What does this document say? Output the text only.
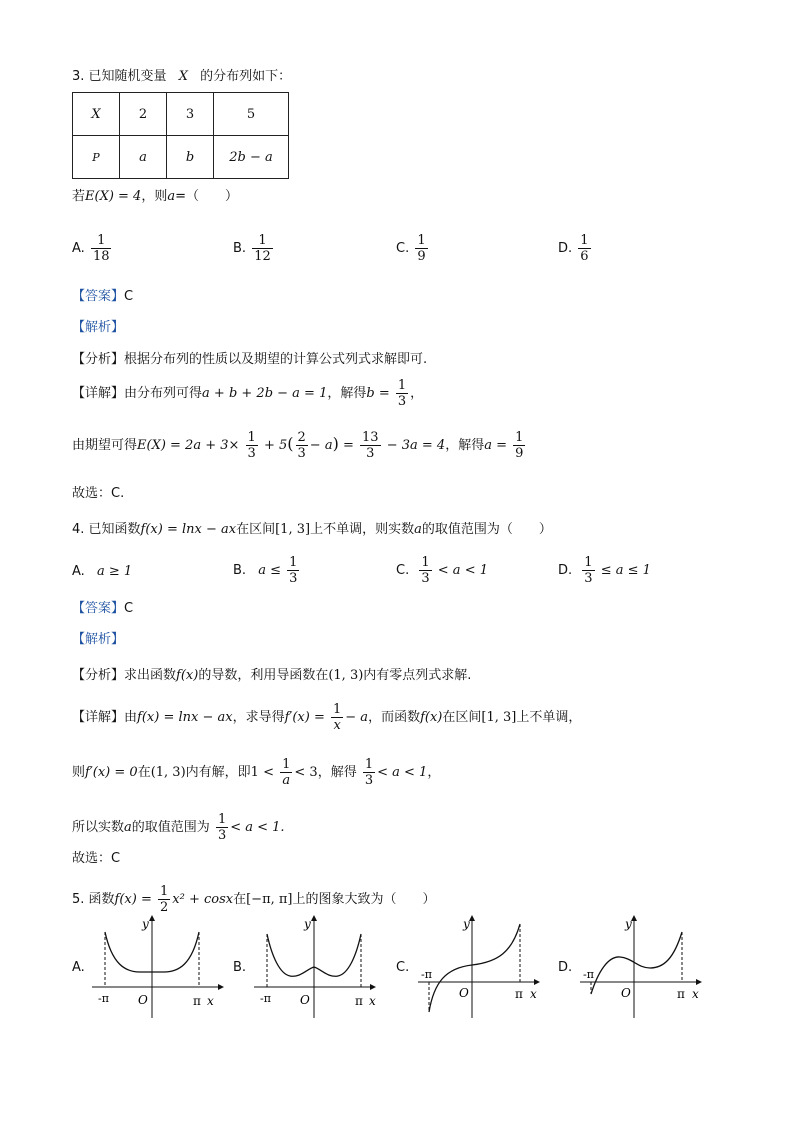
3. 已知随机变量 X 的分布列如下：
X	2	3	5
P	a	b	2b − a
若E(X) = 4，则a=（　　）
A. $\frac{1}{18}$	B. $\frac{1}{12}$	C. $\frac{1}{9}$	D. $\frac{1}{6}$
【答案】C
【解析】
【分析】根据分布列的性质以及期望的计算公式列式求解即可.
【详解】由分布列可得a + b + 2b − a = 1，解得$b = \frac{1}{3}$ ，
由期望可得$E(X) = 2a + 3\times \frac{1}{3} + 5( \frac{2}{3} - a) = \frac{13}{3} - 3a = 4$，解得$a = \frac{1}{9}$
故选：C.
4. 已知函数f(x) = lnx − ax在区间[1, 3]上不单调，则实数a的取值范围为（　　）
A. a ≥ 1	B. $a \le \frac{1}{3}$	C. $\frac{1}{3} < a < 1$	D. $\frac{1}{3} \le a \le 1$
【答案】C
【解析】
【分析】求出函数f(x)的导数，利用导函数在(1, 3)内有零点列式求解.
【详解】由f(x) = lnx − ax，求导得$f'(x) = \frac{1}{x} - a$，而函数f(x)在区间[1, 3]上不单调，
则f′(x) = 0在(1, 3)内有解，即$1 < \frac{1}{a} < 3$，解得 $\frac{1}{3} < a < 1$，
所以实数a的取值范围为 $\frac{1}{3} < a < 1$.
故选：C
5. 函数$f(x) = \frac{1}{2} x^2 + \cos x$在[−π, π]上的图象大致为（　　）
A.
y
x
O
-π	π
B.
y
x
O
-π	π
C.
y
x
O
-π
π
D.
y
x
O
-π
π
